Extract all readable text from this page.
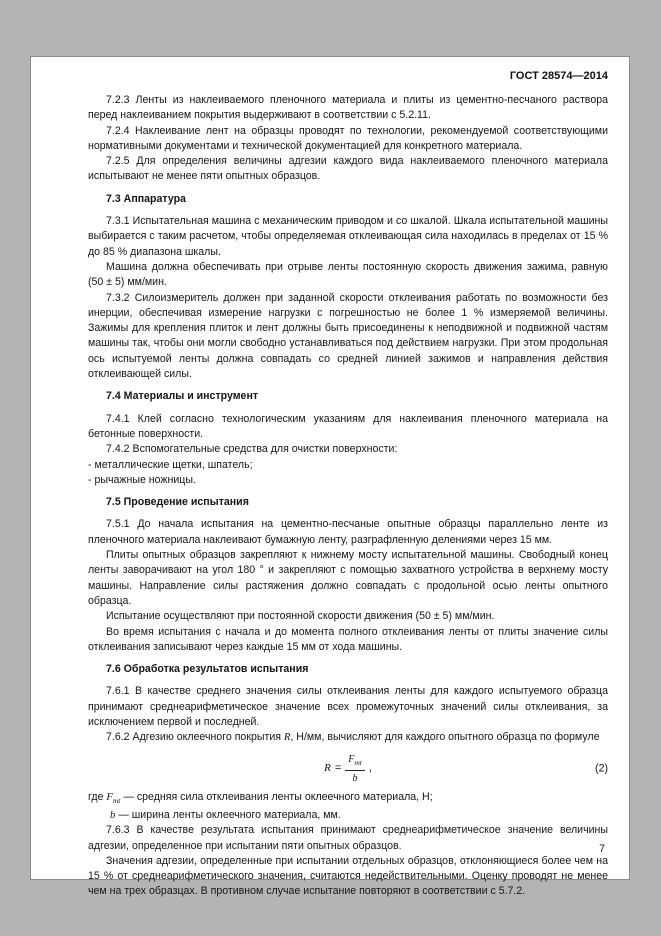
ГОСТ 28574—2014

7.2.3 Ленты из наклеиваемого пленочного материала и плиты из цементно-песчаного раствора перед наклеиванием покрытия выдерживают в соответствии с 5.2.11.

7.2.4 Наклеивание лент на образцы проводят по технологии, рекомендуемой соответствующими нормативными документами и технической документацией для конкретного материала.

7.2.5 Для определения величины адгезии каждого вида наклеиваемого пленочного материала испытывают не менее пяти опытных образцов.

7.3 Аппаратура

7.3.1 Испытательная машина с механическим приводом и со шкалой. Шкала испытательной машины выбирается с таким расчетом, чтобы определяемая отклеивающая сила находилась в пределах от 15 % до 85 % диапазона шкалы.

Машина должна обеспечивать при отрыве ленты постоянную скорость движения зажима, равную (50 ± 5) мм/мин.

7.3.2 Силоизмеритель должен при заданной скорости отклеивания работать по возможности без инерции, обеспечивая измерение нагрузки с погрешностью не более 1 % измеряемой величины. Зажимы для крепления плиток и лент должны быть присоединены к неподвижной и подвижной частям машины так, чтобы они могли свободно устанавливаться под действием нагрузки. При этом продольная ось испытуемой ленты должна совпадать со средней линией зажимов и направления действия отклеивающей силы.

7.4 Материалы и инструмент

7.4.1 Клей согласно технологическим указаниям для наклеивания пленочного материала на бетонные поверхности.

7.4.2 Вспомогательные средства для очистки поверхности:

- металлические щетки, шпатель;

- рычажные ножницы.

7.5 Проведение испытания

7.5.1 До начала испытания на цементно-песчаные опытные образцы параллельно ленте из пленочного материала наклеивают бумажную ленту, разграфленную делениями через 15 мм.

Плиты опытных образцов закрепляют к нижнему мосту испытательной машины. Свободный конец ленты заворачивают на угол 180 ° и закрепляют с помощью захватного устройства в верхнему мосту машины. Направление силы растяжения должно совпадать с продольной осью ленты опытного образца.

Испытание осуществляют при постоянной скорости движения (50 ± 5) мм/мин.

Во время испытания с начала и до момента полного отклеивания ленты от плиты значение силы отклеивания записывают через каждые 15 мм от хода машины.

7.6 Обработка результатов испытания

7.6.1 В качестве среднего значения силы отклеивания ленты для каждого испытуемого образца принимают среднеарифметическое значение всех промежуточных значений силы отклеивания, за исключением первой и последней.

7.6.2 Адгезию оклеечного покрытия R, Н/мм, вычисляют для каждого опытного образца по формуле

$R = \frac{F_{mt}}{b}$ ,	(2)

где $F_{mt}$ — средняя сила отклеивания ленты оклеечного материала, Н;

b — ширина ленты оклеечного материала, мм.

7.6.3 В качестве результата испытания принимают среднеарифметическое значение величины адгезии, определенное при испытании пяти опытных образцов.

Значения адгезии, определенные при испытании отдельных образцов, отклоняющиеся более чем на 15 % от среднеарифметического значения, считаются недействительными. Оценку проводят не менее чем на трех образцах. В противном случае испытание повторяют в соответствии с 5.7.2.

7
